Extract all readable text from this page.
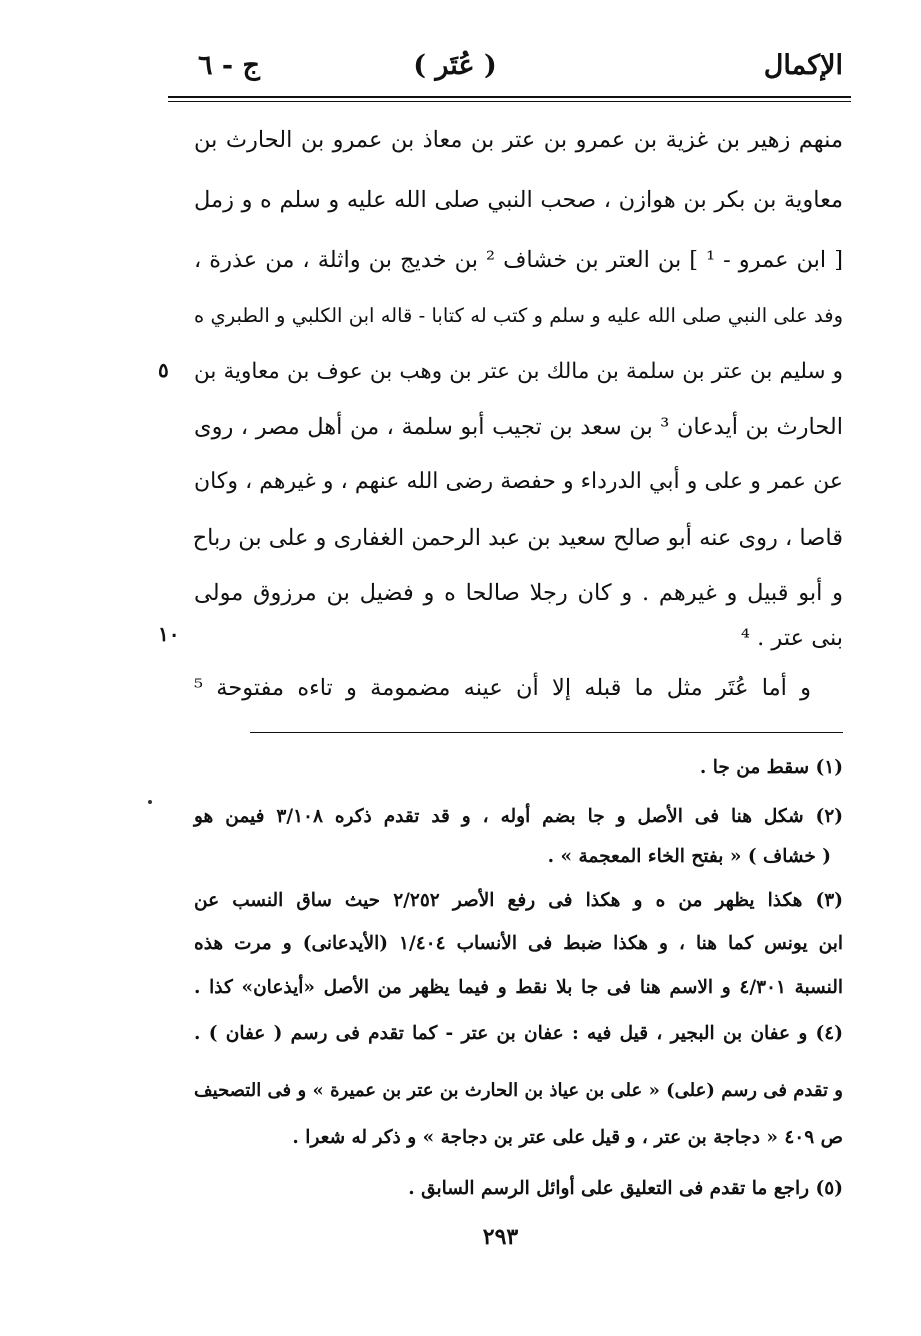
الإكمال
( عُتَر )
ج - ٦
منهم زهير بن غزية بن عمرو بن عتر بن معاذ بن عمرو بن الحارث بن
معاوية بن بكر بن هوازن ، صحب النبي صلى الله عليه و سلم ه و زمل
[ ابن عمرو - ¹ ] بن العتر بن خشاف ² بن خديج بن واثلة ، من عذرة ،
وفد على النبي صلى الله عليه و سلم و كتب له كتابا - قاله ابن الكلبي و الطبري ه
و سليم بن عتر بن سلمة بن مالك بن عتر بن وهب بن عوف بن معاوية بن
٥
الحارث بن أيدعان ³ بن سعد بن تجيب أبو سلمة ، من أهل مصر ، روى
عن عمر و على و أبي الدرداء و حفصة رضى الله عنهم ، و غيرهم ، وكان
قاصا ، روى عنه أبو صالح سعيد بن عبد الرحمن الغفارى و على بن رباح
و أبو قبيل و غيرهم . و كان رجلا صالحا ه و فضيل بن مرزوق مولى
بنى عتر . ⁴
١٠
و أما عُتَر مثل ما قبله إلا أن عينه مضمومة و تاءه مفتوحة ⁵
(١) سقط من جا .
(٢) شكل هنا فى الأصل و جا بضم أوله ، و قد تقدم ذكره ٣/١٠٨ فيمن هو
( خشاف ) « بفتح الخاء المعجمة » .
(٣) هكذا يظهر من ه و هكذا فى رفع الأصر ٢/٢٥٢ حيث ساق النسب عن
ابن يونس كما هنا ، و هكذا ضبط فى الأنساب ١/٤٠٤ (الأيدعانى) و مرت هذه
النسبة ٤/٣٠١ و الاسم هنا فى جا بلا نقط و فيما يظهر من الأصل «أيذعان» كذا .
(٤) و عفان بن البجير ، قيل فيه : عفان بن عتر - كما تقدم فى رسم ( عفان ) .
و تقدم فى رسم (على) « على بن عياذ بن الحارث بن عتر بن عميرة » و فى التصحيف
ص ٤٠٩ « دجاجة بن عتر ، و قيل على عتر بن دجاجة » و ذكر له شعرا .
(٥) راجع ما تقدم فى التعليق على أوائل الرسم السابق .
٢٩٣
